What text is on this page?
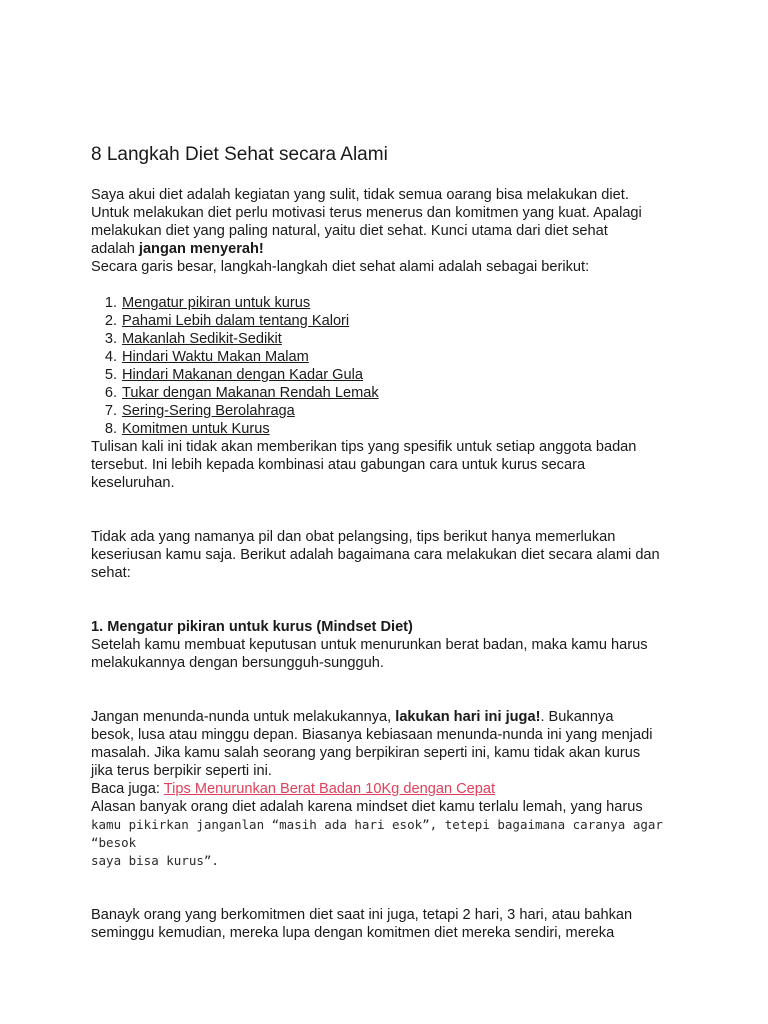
8 Langkah Diet Sehat secara Alami

Saya akui diet adalah kegiatan yang sulit, tidak semua oarang bisa melakukan diet.

Untuk melakukan diet perlu motivasi terus menerus dan komitmen yang kuat. Apalagi

melakukan diet yang paling natural, yaitu diet sehat. Kunci utama dari diet sehat

adalah jangan menyerah!

Secara garis besar, langkah-langkah diet sehat alami adalah sebagai berikut:

1. Mengatur pikiran untuk kurus
2. Pahami Lebih dalam tentang Kalori
3. Makanlah Sedikit-Sedikit
4. Hindari Waktu Makan Malam
5. Hindari Makanan dengan Kadar Gula
6. Tukar dengan Makanan Rendah Lemak
7. Sering-Sering Berolahraga
8. Komitmen untuk Kurus

Tulisan kali ini tidak akan memberikan tips yang spesifik untuk setiap anggota badan

tersebut. Ini lebih kepada kombinasi atau gabungan cara untuk kurus secara

keseluruhan.

Tidak ada yang namanya pil dan obat pelangsing, tips berikut hanya memerlukan

keseriusan kamu saja. Berikut adalah bagaimana cara melakukan diet secara alami dan

sehat:

1. Mengatur pikiran untuk kurus (Mindset Diet)

Setelah kamu membuat keputusan untuk menurunkan berat badan, maka kamu harus

melakukannya dengan bersungguh-sungguh.

Jangan menunda-nunda untuk melakukannya, lakukan hari ini juga!. Bukannya

besok, lusa atau minggu depan. Biasanya kebiasaan menunda-nunda ini yang menjadi

masalah. Jika kamu salah seorang yang berpikiran seperti ini, kamu tidak akan kurus

jika terus berpikir seperti ini.

Baca juga: Tips Menurunkan Berat Badan 10Kg dengan Cepat

Alasan banyak orang diet adalah karena mindset diet kamu terlalu lemah, yang harus

kamu pikirkan janganlan “masih ada hari esok”, tetepi bagaimana caranya agar “besok

saya bisa kurus”.

Banayk orang yang berkomitmen diet saat ini juga, tetapi 2 hari, 3 hari, atau bahkan

seminggu kemudian, mereka lupa dengan komitmen diet mereka sendiri, mereka
